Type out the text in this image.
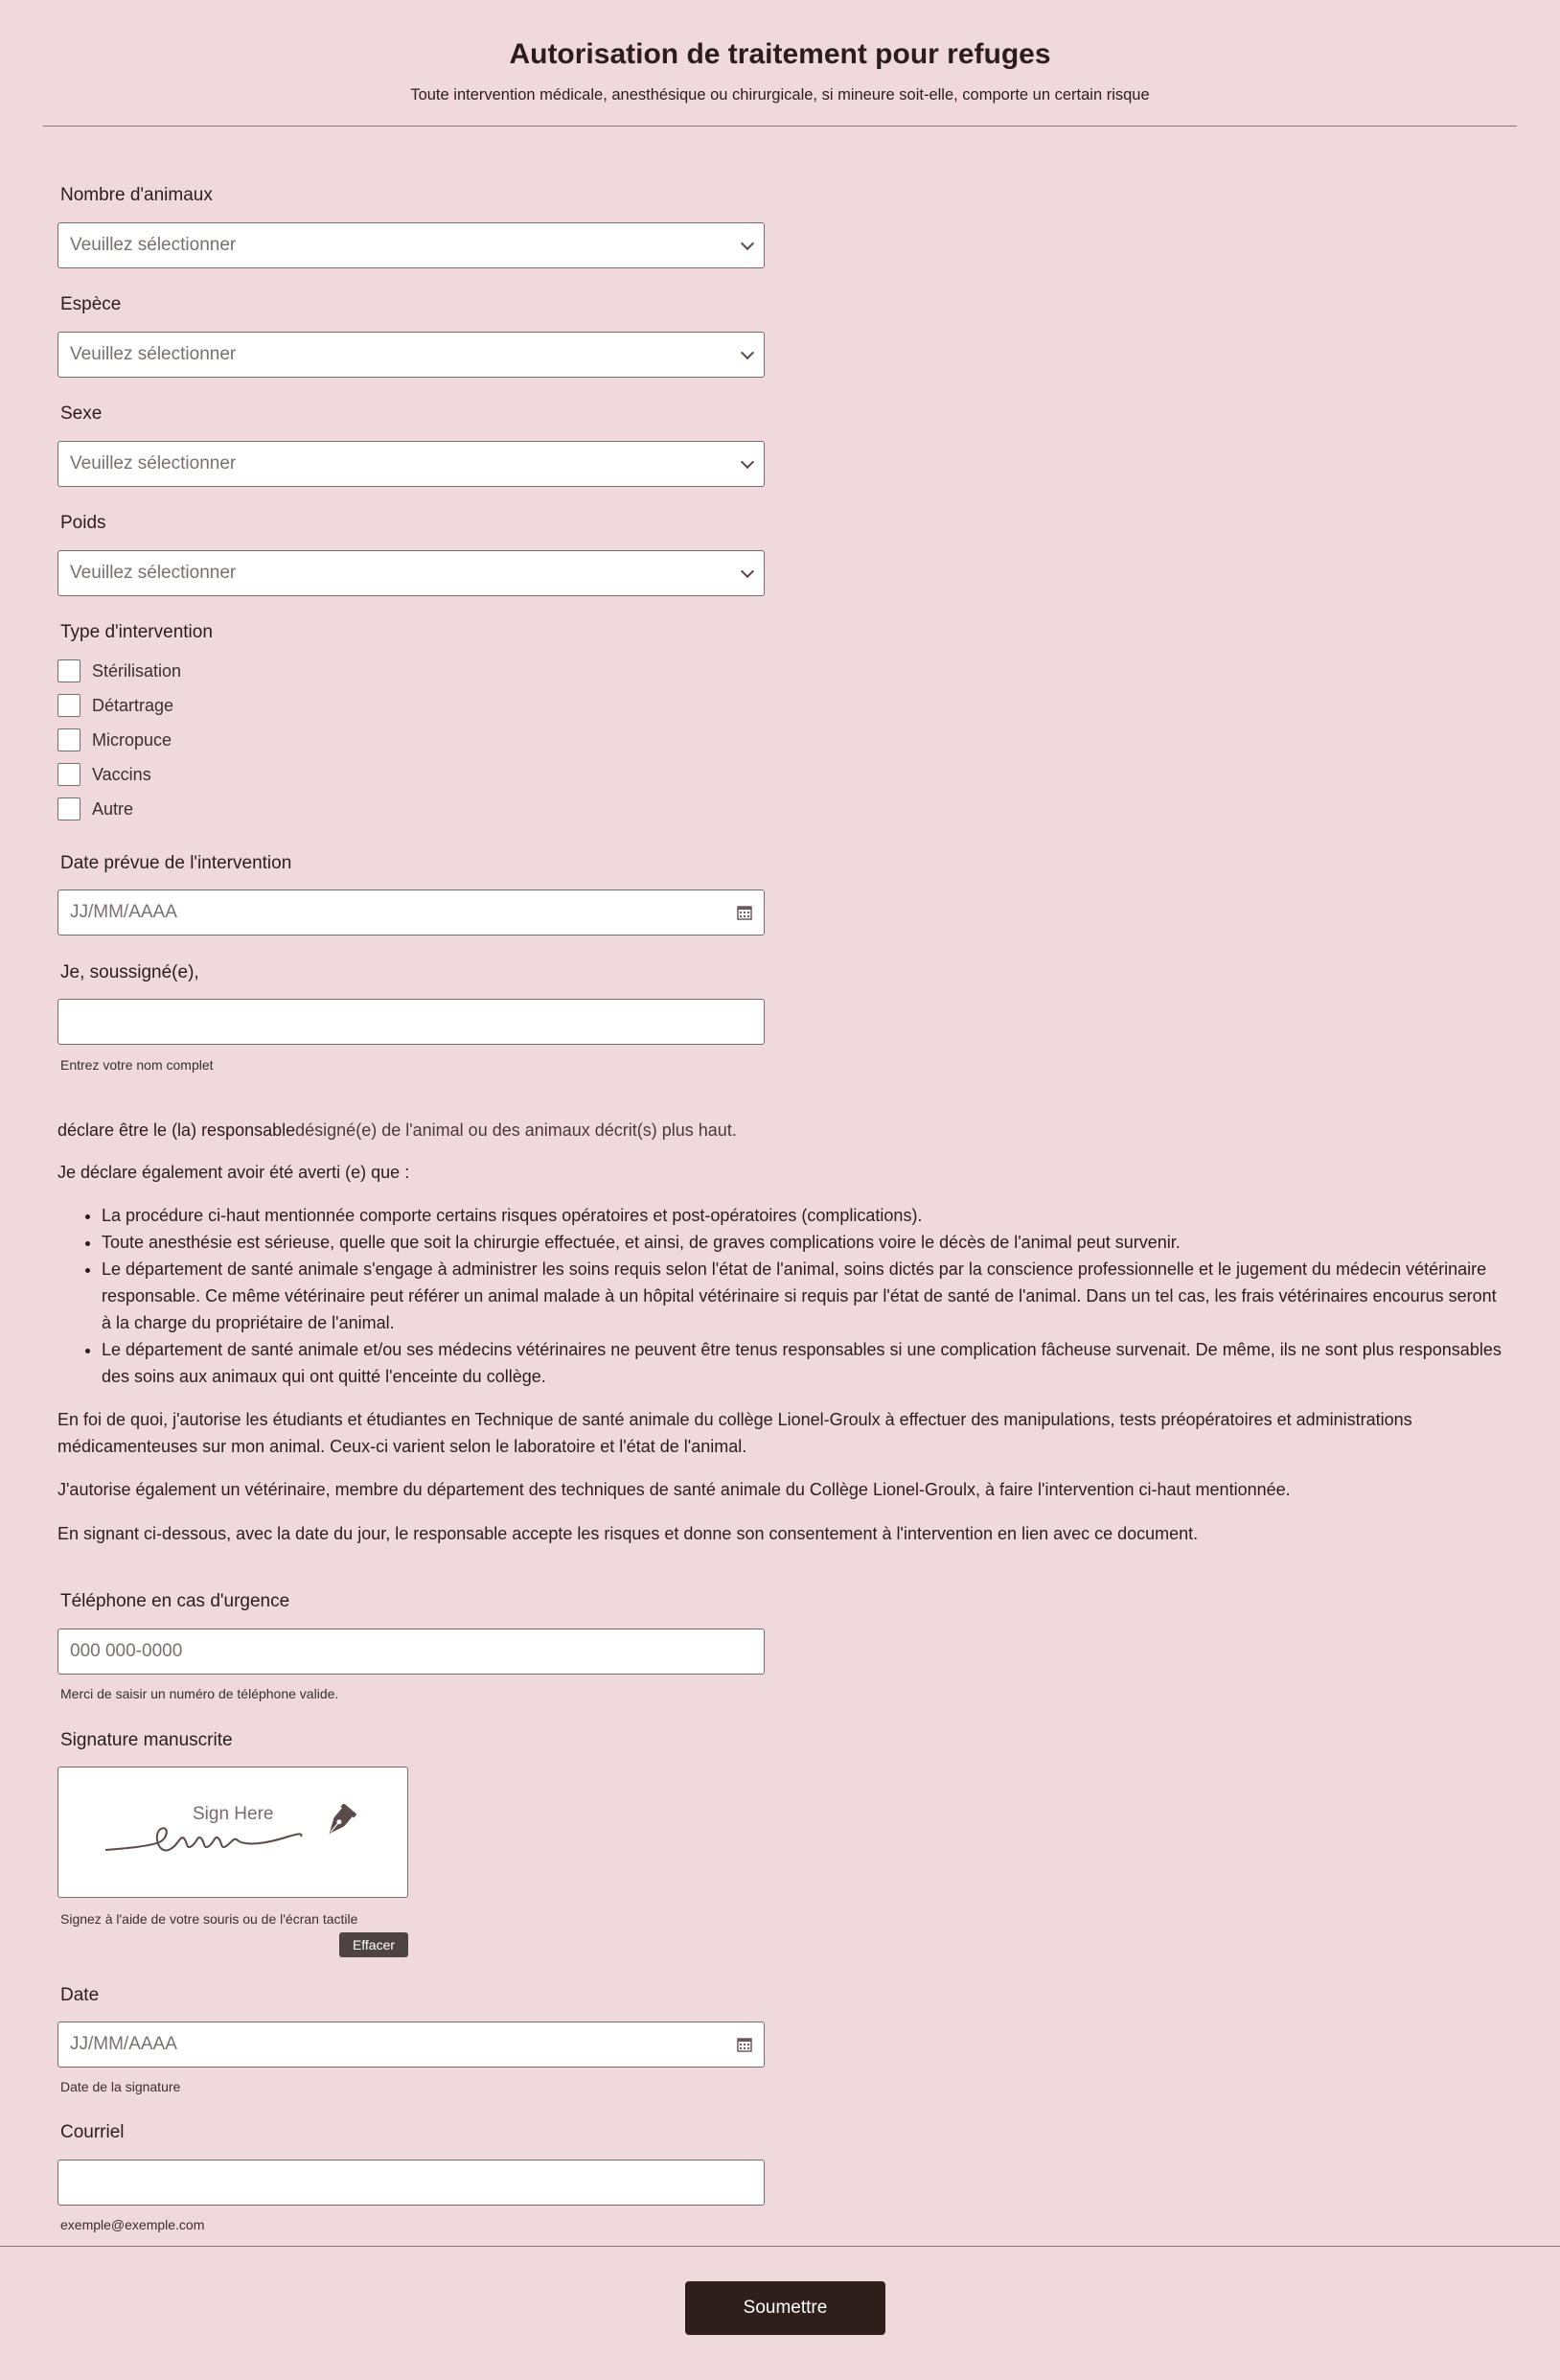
Autorisation de traitement pour refuges
Toute intervention médicale, anesthésique ou chirurgicale, si mineure soit-elle, comporte un certain risque
Nombre d'animaux
Veuillez sélectionner
Espèce
Veuillez sélectionner
Sexe
Veuillez sélectionner
Poids
Veuillez sélectionner
Type d'intervention
Stérilisation
Détartrage
Micropuce
Vaccins
Autre
Date prévue de l'intervention
JJ/MM/AAAA
Je, soussigné(e),
Entrez votre nom complet
déclare être le (la) responsabledésigné(e) de l'animal ou des animaux décrit(s) plus haut.
Je déclare également avoir été averti (e) que :
• La procédure ci-haut mentionnée comporte certains risques opératoires et post-opératoires (complications).
• Toute anesthésie est sérieuse, quelle que soit la chirurgie effectuée, et ainsi, de graves complications voire le décès de l'animal peut survenir.
• Le département de santé animale s'engage à administrer les soins requis selon l'état de l'animal, soins dictés par la conscience professionnelle et le jugement du médecin vétérinaire responsable. Ce même vétérinaire peut référer un animal malade à un hôpital vétérinaire si requis par l'état de santé de l'animal. Dans un tel cas, les frais vétérinaires encourus seront à la charge du propriétaire de l'animal.
• Le département de santé animale et/ou ses médecins vétérinaires ne peuvent être tenus responsables si une complication fâcheuse survenait. De même, ils ne sont plus responsables des soins aux animaux qui ont quitté l'enceinte du collège.
En foi de quoi, j'autorise les étudiants et étudiantes en Technique de santé animale du collège Lionel-Groulx à effectuer des manipulations, tests préopératoires et administrations médicamenteuses sur mon animal. Ceux-ci varient selon le laboratoire et l'état de l'animal.
J'autorise également un vétérinaire, membre du département des techniques de santé animale du Collège Lionel-Groulx, à faire l'intervention ci-haut mentionnée.
En signant ci-dessous, avec la date du jour, le responsable accepte les risques et donne son consentement à l'intervention en lien avec ce document.
Téléphone en cas d'urgence
000 000-0000
Merci de saisir un numéro de téléphone valide.
Signature manuscrite
Sign Here
Signez à l'aide de votre souris ou de l'écran tactile
Effacer
Date
JJ/MM/AAAA
Date de la signature
Courriel
exemple@exemple.com
Soumettre
